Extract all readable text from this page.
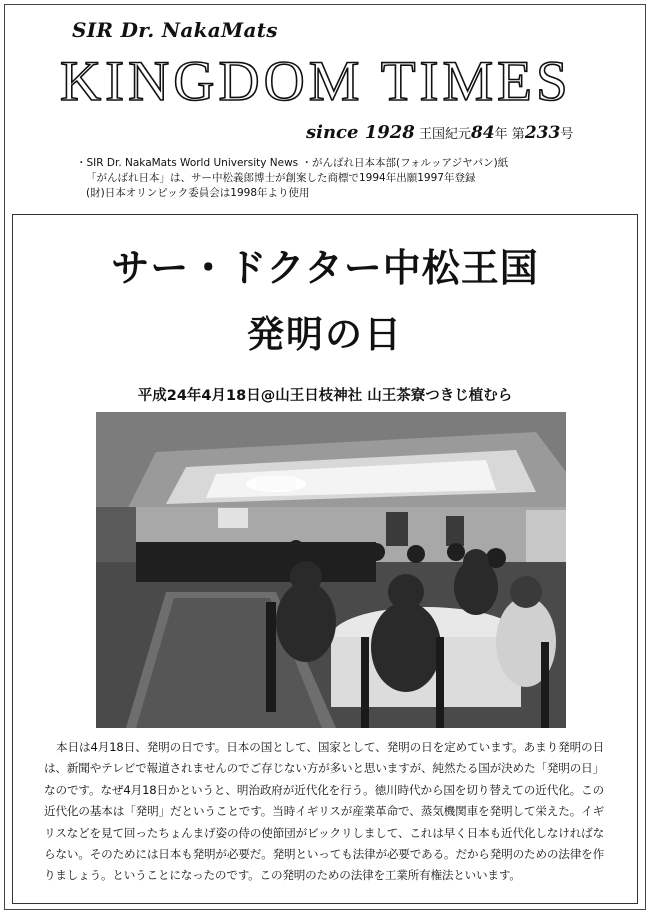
SIR Dr. NakaMats
KINGDOM TIMES
since 1928 王国紀元84年 第233号
・SIR Dr. NakaMats World University News ・がんばれ日本本部(フォルッアジヤパン)紙
「がんばれ日本」は、サー中松義郎博士が創案した商標で1994年出願1997年登録
(財)日本オリンピック委員会は1998年より使用
サー・ドクター中松王国
発明の日
平成24年4月18日@山王日枝神社 山王茶寮つきじ植むら
本日は4月18日、発明の日です。日本の国として、国家として、発明の日を定めています。あまり発明の日は、新聞やテレビで報道されませんのでご存じない方が多いと思いますが、純然たる国が決めた「発明の日」なのです。なぜ4月18日かというと、明治政府が近代化を行う。徳川時代から国を切り替えての近代化。この近代化の基本は「発明」だということです。当時イギリスが産業革命で、蒸気機関車を発明して栄えた。イギリスなどを見て回ったちょんまげ姿の侍の使節団がビックリしまして、これは早く日本も近代化しなければならない。そのためには日本も発明が必要だ。発明といっても法律が必要である。だから発明のための法律を作りましょう。ということになったのです。この発明のための法律を工業所有権法といいます。
